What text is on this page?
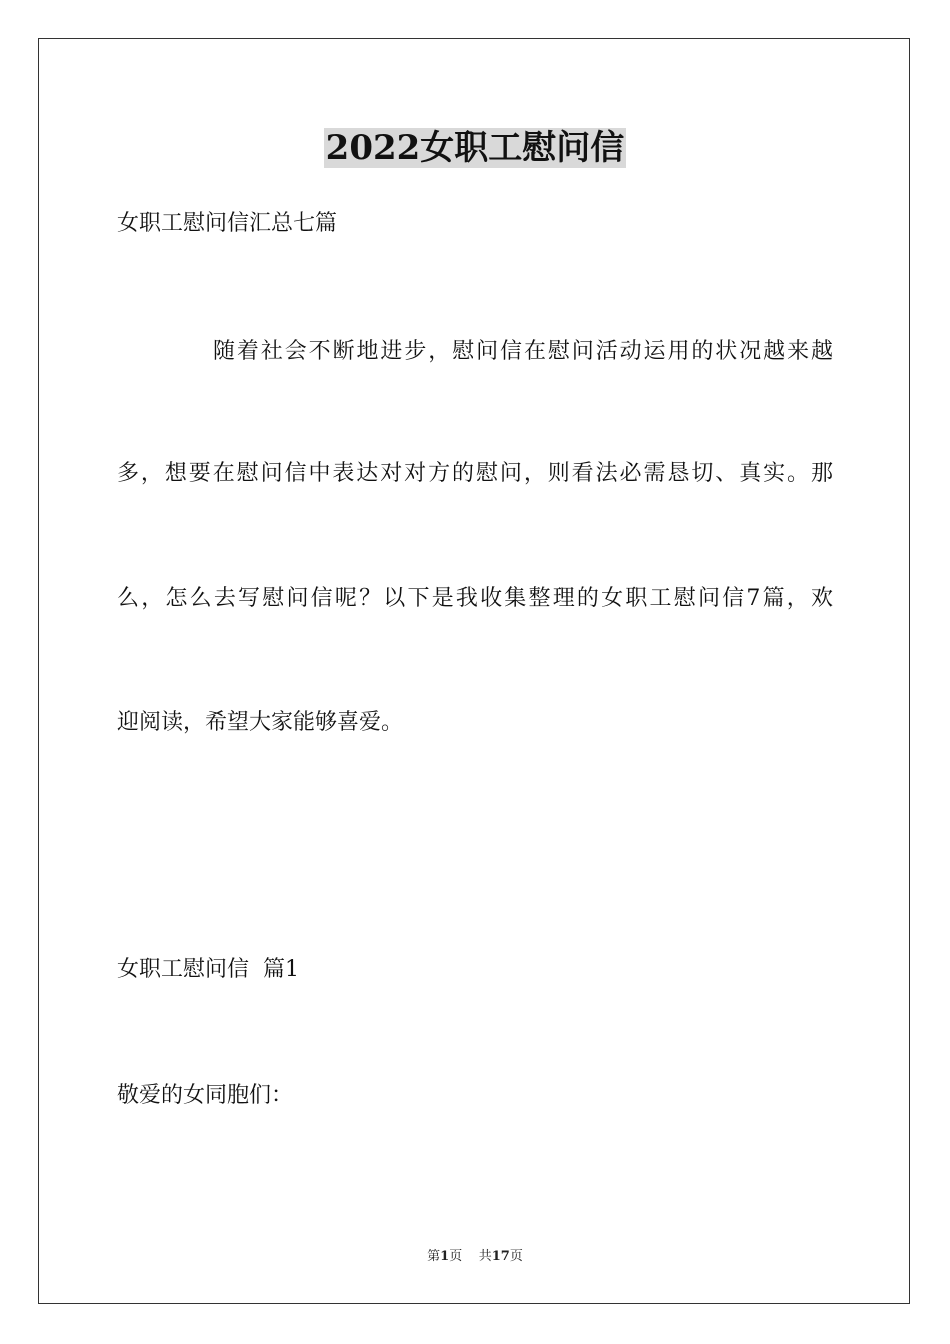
2022女职工慰问信

女职工慰问信汇总七篇

随着社会不断地进步，慰问信在慰问活动运用的状况越来越

多，想要在慰问信中表达对对方的慰问，则看法必需恳切、真实。那

么，怎么去写慰问信呢？以下是我收集整理的女职工慰问信7篇，欢

迎阅读，希望大家能够喜爱。

女职工慰问信  篇1

敬爱的女同胞们：

第1页 共17页
